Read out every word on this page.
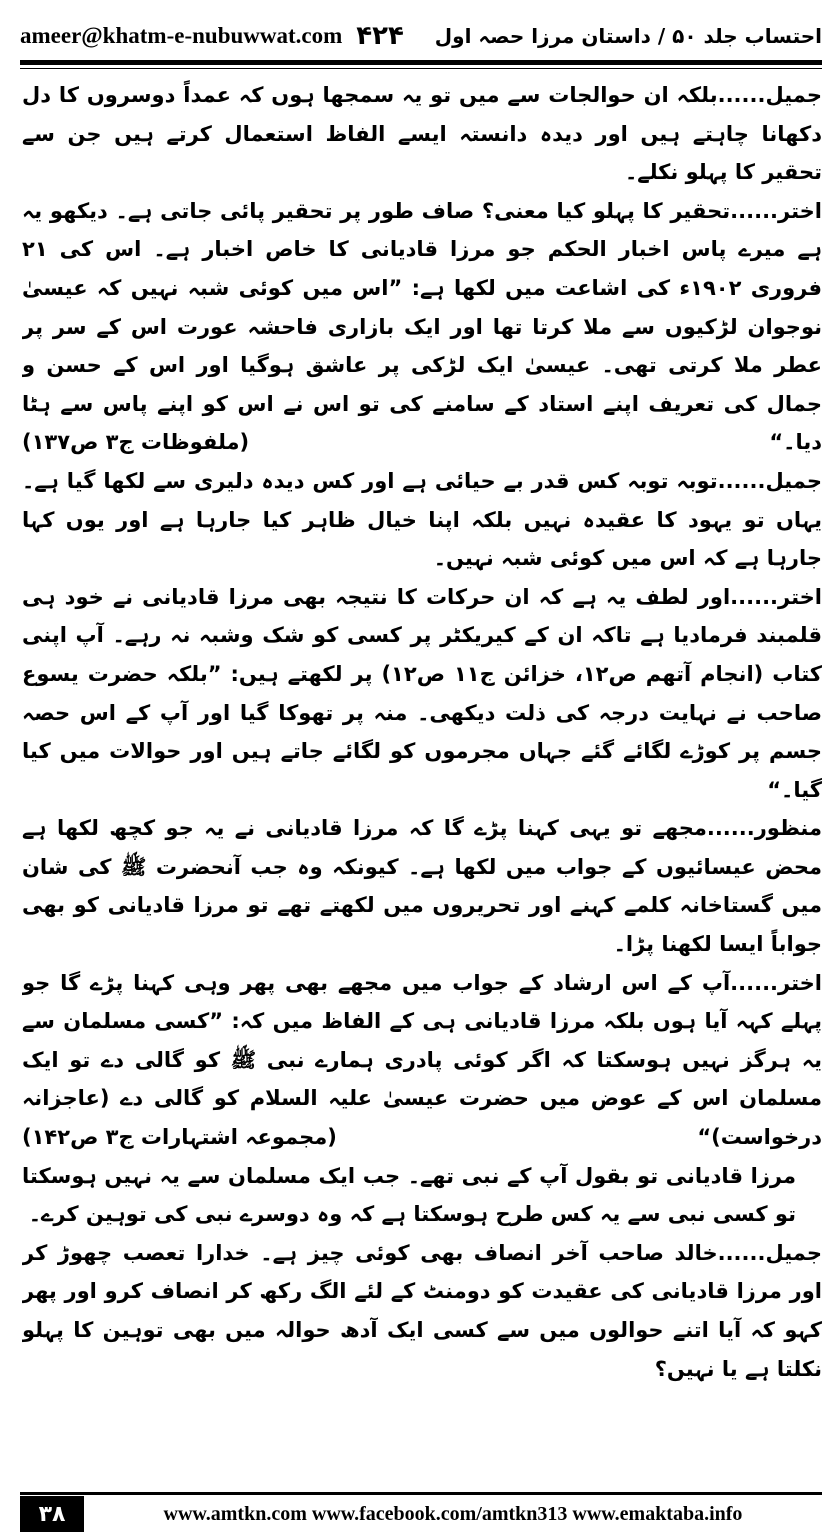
ameer@khatm-e-nubuwwat.com ۴۲۴ احتساب جلد ۵۰ / داستان مرزا حصہ اول

جمیل......بلکہ ان حوالجات سے میں تو یہ سمجھا ہوں کہ عمداً دوسروں کا دل دکھانا چاہتے ہیں اور دیدہ دانستہ ایسے الفاظ استعمال کرتے ہیں جن سے تحقیر کا پہلو نکلے۔

اختر......تحقیر کا پہلو کیا معنی؟ صاف طور پر تحقیر پائی جاتی ہے۔ دیکھو یہ ہے میرے پاس اخبار الحکم جو مرزا قادیانی کا خاص اخبار ہے۔ اس کی ۲۱ فروری ۱۹۰۲ء کی اشاعت میں لکھا ہے: ”اس میں کوئی شبہ نہیں کہ عیسیٰ نوجوان لڑکیوں سے ملا کرتا تھا اور ایک بازاری فاحشہ عورت اس کے سر پر عطر ملا کرتی تھی۔ عیسیٰ ایک لڑکی پر عاشق ہوگیا اور اس کے حسن و جمال کی تعریف اپنے استاد کے سامنے کی تو اس نے اس کو اپنے پاس سے ہٹا دیا۔“
(ملفوظات ج۳ ص۱۳۷)

جمیل......توبہ توبہ کس قدر بے حیائی ہے اور کس دیدہ دلیری سے لکھا گیا ہے۔ یہاں تو یہود کا عقیدہ نہیں بلکہ اپنا خیال ظاہر کیا جارہا ہے اور یوں کہا جارہا ہے کہ اس میں کوئی شبہ نہیں۔

اختر......اور لطف یہ ہے کہ ان حرکات کا نتیجہ بھی مرزا قادیانی نے خود ہی قلمبند فرمادیا ہے تاکہ ان کے کیریکٹر پر کسی کو شک وشبہ نہ رہے۔ آپ اپنی کتاب (انجام آتھم ص۱۲، خزائن ج۱۱ ص۱۲) پر لکھتے ہیں: ”بلکہ حضرت یسوع صاحب نے نہایت درجہ کی ذلت دیکھی۔ منہ پر تھوکا گیا اور آپ کے اس حصہ جسم پر کوڑے لگائے گئے جہاں مجرموں کو لگائے جاتے ہیں اور حوالات میں کیا گیا۔“

منظور......مجھے تو یہی کہنا پڑے گا کہ مرزا قادیانی نے یہ جو کچھ لکھا ہے محض عیسائیوں کے جواب میں لکھا ہے۔ کیونکہ وہ جب آنحضرت ﷺ کی شان میں گستاخانہ کلمے کہنے اور تحریروں میں لکھتے تھے تو مرزا قادیانی کو بھی جواباً ایسا لکھنا پڑا۔

اختر......آپ کے اس ارشاد کے جواب میں مجھے بھی پھر وہی کہنا پڑے گا جو پہلے کہہ آیا ہوں بلکہ مرزا قادیانی ہی کے الفاظ میں کہ: ”کسی مسلمان سے یہ ہرگز نہیں ہوسکتا کہ اگر کوئی پادری ہمارے نبی ﷺ کو گالی دے تو ایک مسلمان اس کے عوض میں حضرت عیسیٰ علیہ السلام کو گالی دے (عاجزانہ درخواست)“
(مجموعہ اشتہارات ج۳ ص۱۴۲)

مرزا قادیانی تو بقول آپ کے نبی تھے۔ جب ایک مسلمان سے یہ نہیں ہوسکتا تو کسی نبی سے یہ کس طرح ہوسکتا ہے کہ وہ دوسرے نبی کی توہین کرے۔

جمیل......خالد صاحب آخر انصاف بھی کوئی چیز ہے۔ خدارا تعصب چھوڑ کر اور مرزا قادیانی کی عقیدت کو دومنٹ کے لئے الگ رکھ کر انصاف کرو اور پھر کہو کہ آیا اتنے حوالوں میں سے کسی ایک آدھ حوالہ میں بھی توہین کا پہلو نکلتا ہے یا نہیں؟

۳۸	www.amtkn.com www.facebook.com/amtkn313 www.emaktaba.info
